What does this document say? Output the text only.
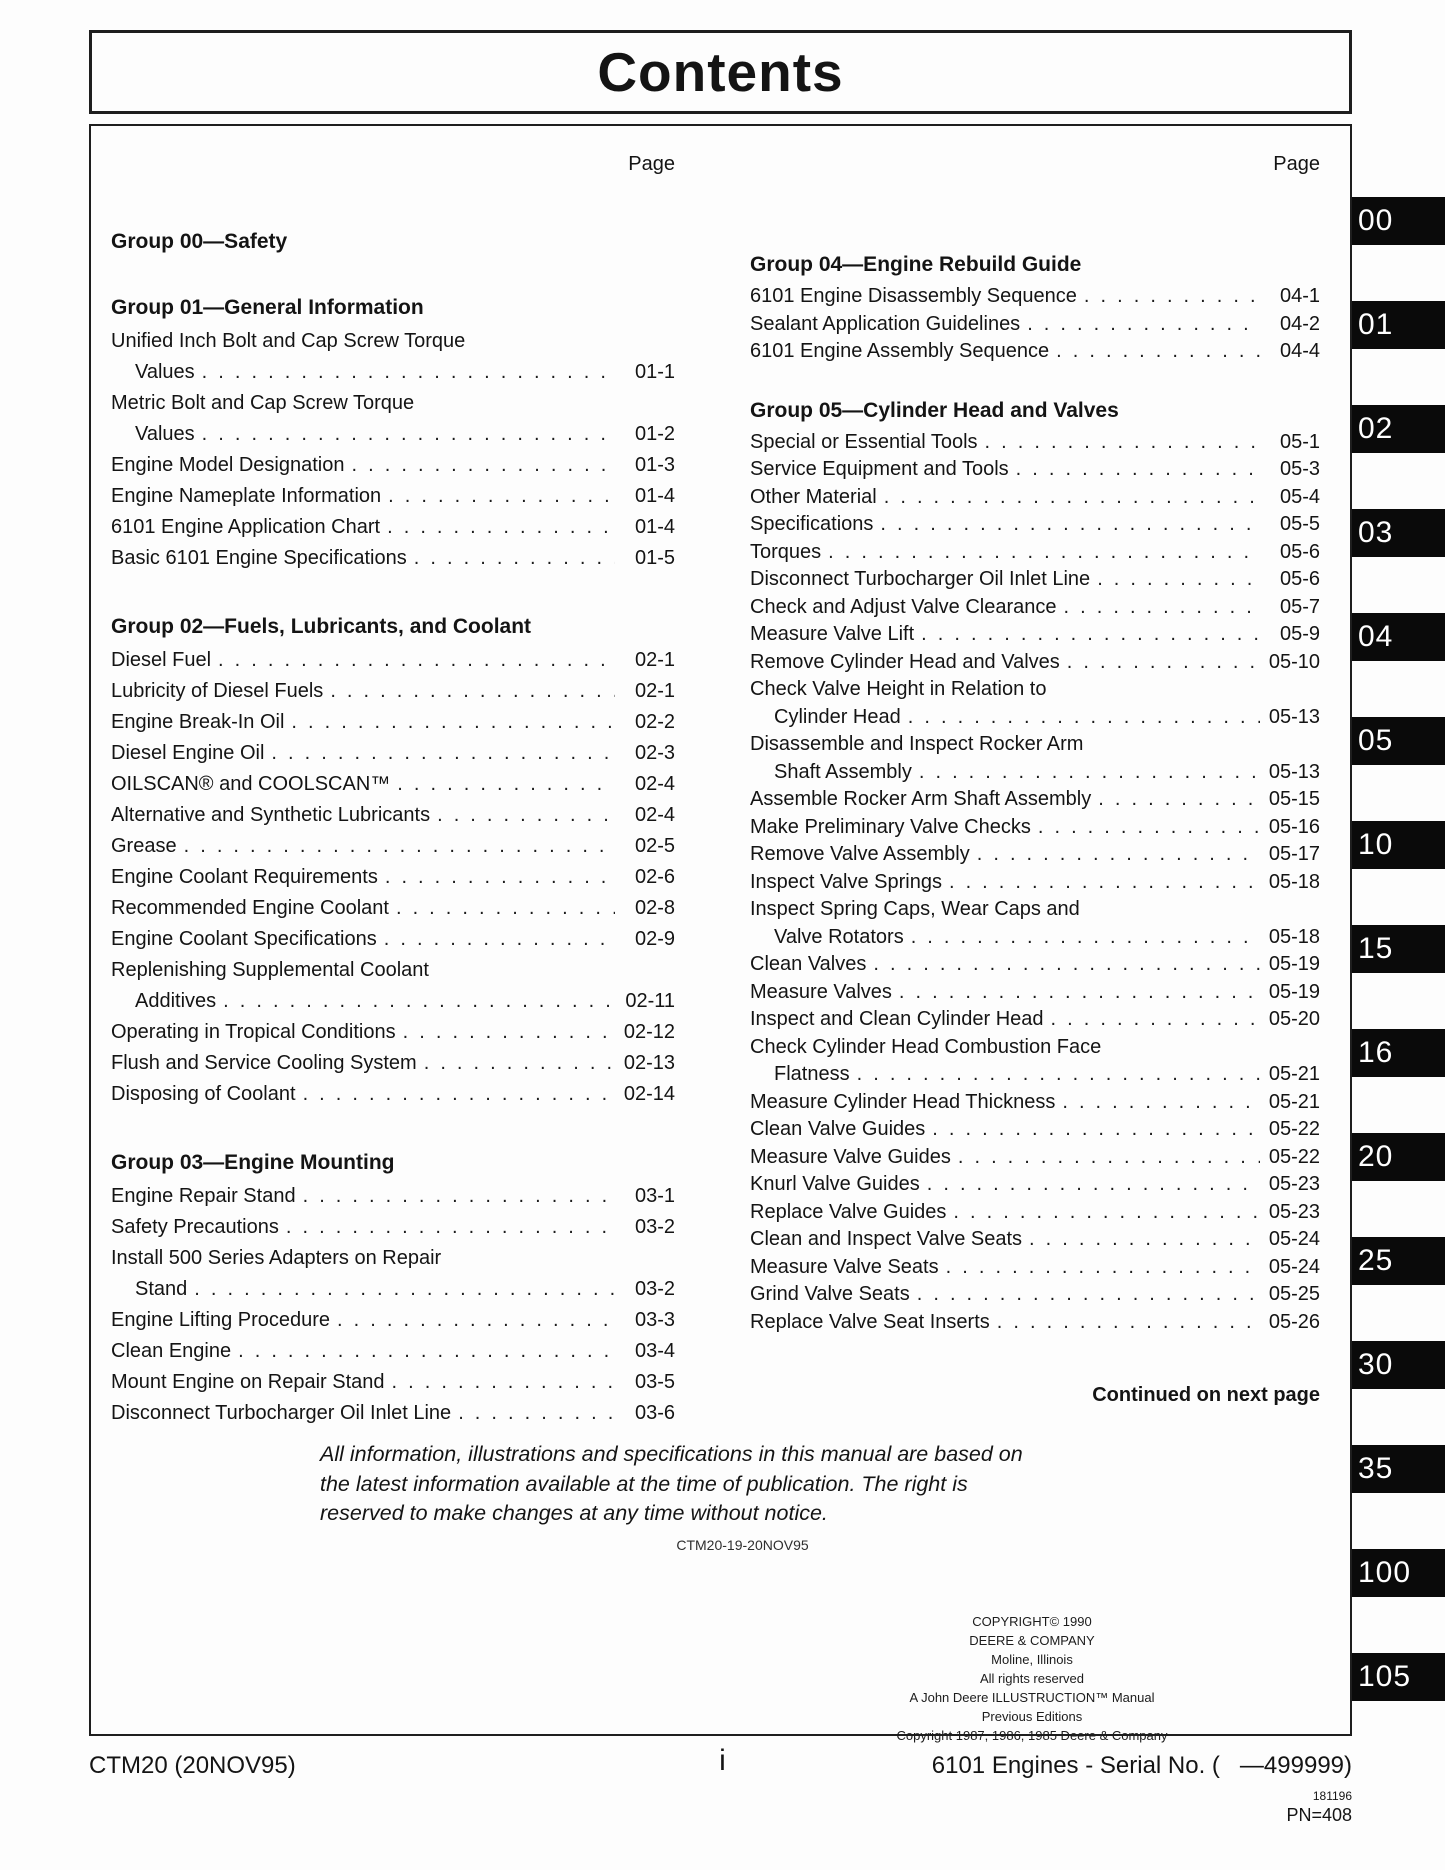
Contents
Page
Group 00—Safety
Group 01—General Information
Unified Inch Bolt and Cap Screw Torque
Values . . .	01-1
Metric Bolt and Cap Screw Torque
Values . . .	01-2
Engine Model Designation . . .	01-3
Engine Nameplate Information . . .	01-4
6101 Engine Application Chart . . .	01-4
Basic 6101 Engine Specifications . . .	01-5
Group 02—Fuels, Lubricants, and Coolant
Diesel Fuel . . .	02-1
Lubricity of Diesel Fuels . . .	02-1
Engine Break-In Oil . . .	02-2
Diesel Engine Oil . . .	02-3
OILSCAN® and COOLSCAN™ . . .	02-4
Alternative and Synthetic Lubricants . . .	02-4
Grease . . .	02-5
Engine Coolant Requirements . . .	02-6
Recommended Engine Coolant . . .	02-8
Engine Coolant Specifications . . .	02-9
Replenishing Supplemental Coolant
Additives . . .	02-11
Operating in Tropical Conditions . . .	02-12
Flush and Service Cooling System . . .	02-13
Disposing of Coolant . . .	02-14
Group 03—Engine Mounting
Engine Repair Stand . . .	03-1
Safety Precautions . . .	03-2
Install 500 Series Adapters on Repair
Stand . . .	03-2
Engine Lifting Procedure . . .	03-3
Clean Engine . . .	03-4
Mount Engine on Repair Stand . . .	03-5
Disconnect Turbocharger Oil Inlet Line . . .	03-6
Page
Group 04—Engine Rebuild Guide
6101 Engine Disassembly Sequence . . .	04-1
Sealant Application Guidelines . . .	04-2
6101 Engine Assembly Sequence . . .	04-4
Group 05—Cylinder Head and Valves
Special or Essential Tools . . .	05-1
Service Equipment and Tools . . .	05-3
Other Material . . .	05-4
Specifications . . .	05-5
Torques . . .	05-6
Disconnect Turbocharger Oil Inlet Line . . .	05-6
Check and Adjust Valve Clearance . . .	05-7
Measure Valve Lift . . .	05-9
Remove Cylinder Head and Valves . . .	05-10
Check Valve Height in Relation to
Cylinder Head . . .	05-13
Disassemble and Inspect Rocker Arm
Shaft Assembly . . .	05-13
Assemble Rocker Arm Shaft Assembly . . .	05-15
Make Preliminary Valve Checks . . .	05-16
Remove Valve Assembly . . .	05-17
Inspect Valve Springs . . .	05-18
Inspect Spring Caps, Wear Caps and
Valve Rotators . . .	05-18
Clean Valves . . .	05-19
Measure Valves . . .	05-19
Inspect and Clean Cylinder Head . . .	05-20
Check Cylinder Head Combustion Face
Flatness . . .	05-21
Measure Cylinder Head Thickness . . .	05-21
Clean Valve Guides . . .	05-22
Measure Valve Guides . . .	05-22
Knurl Valve Guides . . .	05-23
Replace Valve Guides . . .	05-23
Clean and Inspect Valve Seats . . .	05-24
Measure Valve Seats . . .	05-24
Grind Valve Seats . . .	05-25
Replace Valve Seat Inserts . . .	05-26
Continued on next page
All information, illustrations and specifications in this manual are based on
the latest information available at the time of publication. The right is
reserved to make changes at any time without notice.
CTM20-19-20NOV95
COPYRIGHT© 1990
DEERE & COMPANY
Moline, Illinois
All rights reserved
A John Deere ILLUSTRUCTION™ Manual
Previous Editions
Copyright 1987, 1986, 1985 Deere & Company
00
01
02
03
04
05
10
15
16
20
25
30
35
100
105
CTM20 (20NOV95)	i	6101 Engines - Serial No. (   —499999)
181196
PN=408
